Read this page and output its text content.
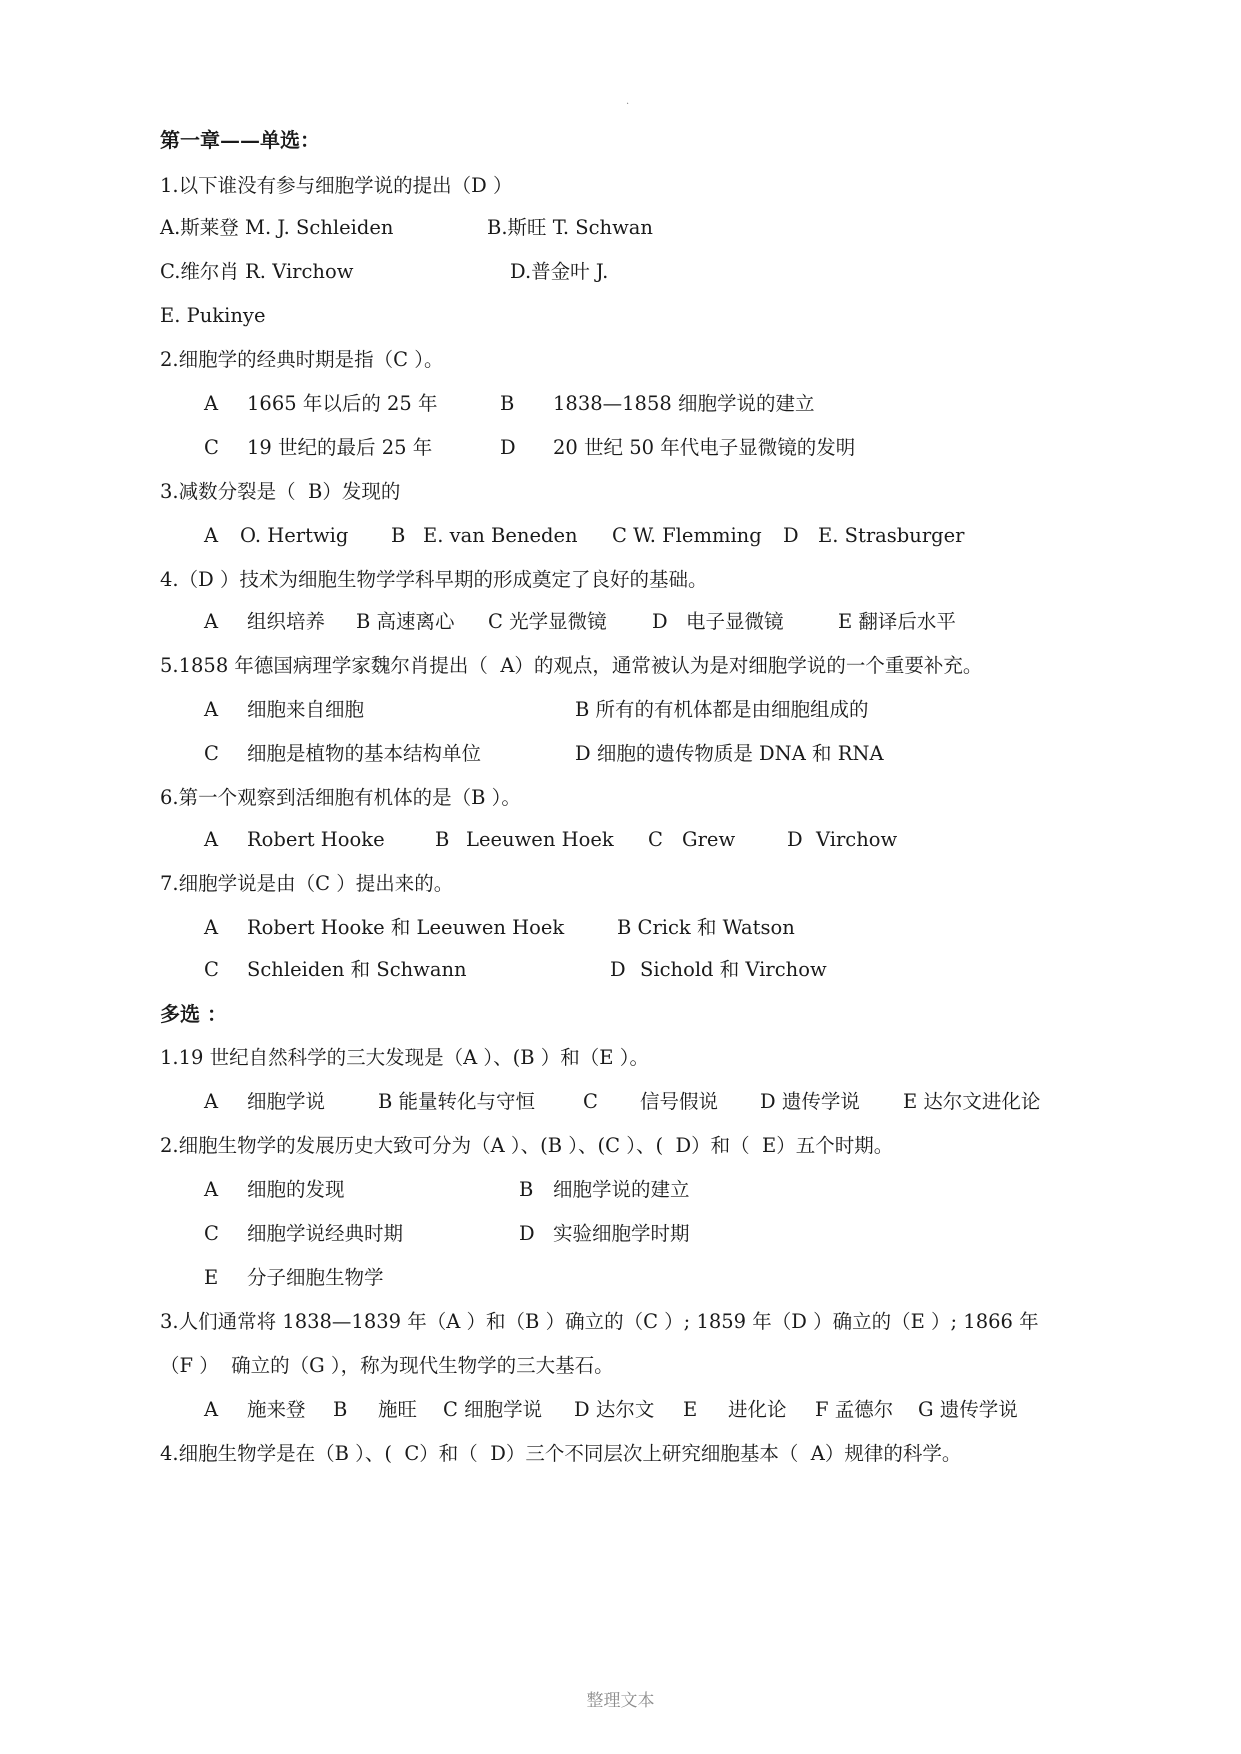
.
第一章——单选：
1.以下谁没有参与细胞学说的提出（D ）
A.斯莱登 M. J. Schleiden	B.斯旺 T. Schwan
C.维尔肖 R. Virchow	D.普金叶 J.
E. Pukinye
2.细胞学的经典时期是指（C ）。
A 1665 年以后的 25 年	B 1838—1858 细胞学说的建立
C 19 世纪的最后 25 年	D 20 世纪 50 年代电子显微镜的发明
3.减数分裂是（  B）发现的
A O. Hertwig B E. van Beneden C W. Flemming D E. Strasburger
4.（D ）技术为细胞生物学学科早期的形成奠定了良好的基础。
A 组织培养 B 高速离心 C 光学显微镜 D 电子显微镜	E 翻译后水平
5.1858 年德国病理学家魏尔肖提出（  A）的观点，通常被认为是对细胞学说的一个重要补充。
A 细胞来自细胞	B 所有的有机体都是由细胞组成的
C 细胞是植物的基本结构单位	D 细胞的遗传物质是 DNA 和 RNA
6.第一个观察到活细胞有机体的是（B ）。
A Robert Hooke	B Leeuwen Hoek C Grew	D Virchow
7.细胞学说是由（C ）提出来的。
A Robert Hooke 和 Leeuwen Hoek	B Crick 和 Watson
C Schleiden 和 Schwann	D Sichold 和 Virchow
多选 ：
1.19 世纪自然科学的三大发现是（A ）、(B ）和（E ）。
A 细胞学说	B 能量转化与守恒 C 信号假说 D 遗传学说 E 达尔文进化论
2.细胞生物学的发展历史大致可分为（A ）、(B ）、(C ）、(  D）和（  E）五个时期。
A 细胞的发现	B 细胞学说的建立
C 细胞学说经典时期	D 实验细胞学时期
E 分子细胞生物学
3.人们通常将 1838—1839 年（A ）和（B ）确立的（C ）; 1859 年（D ）确立的（E ）; 1866 年
（F ）  确立的（G ），称为现代生物学的三大基石。
A 施来登 B 施旺 C 细胞学说 D 达尔文 E 进化论 F 孟德尔 G 遗传学说
4.细胞生物学是在（B ）、(  C）和（  D）三个不同层次上研究细胞基本（  A）规律的科学。
整理文本
